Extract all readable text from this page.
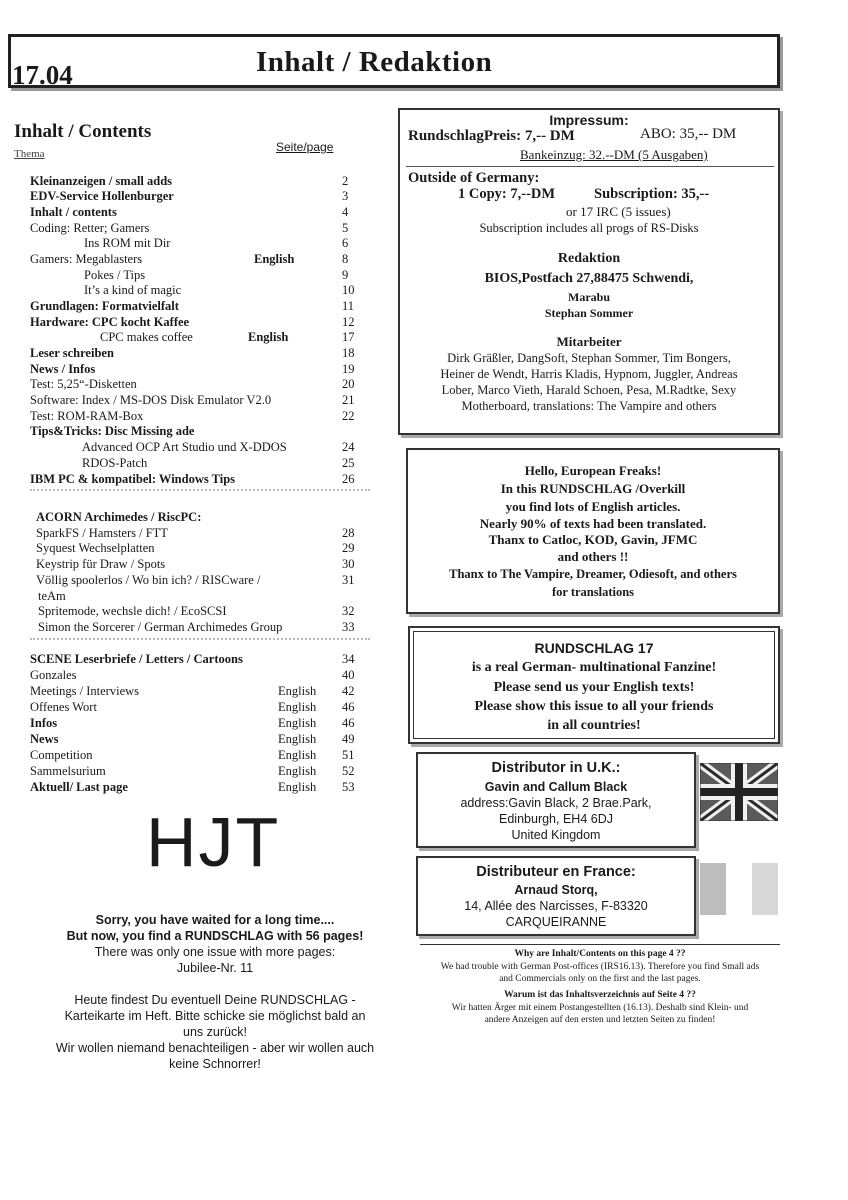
17.04	Inhalt / Redaktion
Inhalt / Contents
Thema	Seite/page
Kleinanzeigen / small adds	2
EDV-Service Hollenburger	3
Inhalt / contents	4
Coding: Retter; Gamers	5
Ins ROM mit Dir	6
Gamers: Megablasters	English	8
Pokes / Tips	9
It’s a kind of magic	10
Grundlagen: Formatvielfalt	11
Hardware: CPC kocht Kaffee	12
CPC makes coffee	English	17
Leser schreiben	18
News / Infos	19
Test: 5,25“-Disketten	20
Software: Index / MS-DOS Disk Emulator V2.0	21
Test: ROM-RAM-Box	22
Tips&Tricks: Disc Missing ade
Advanced OCP Art Studio und X-DDOS	24
RDOS-Patch	25
IBM PC & kompatibel: Windows Tips	26
ACORN Archimedes / RiscPC:
SparkFS / Hamsters / FTT	28
Syquest Wechselplatten	29
Keystrip für Draw / Spots	30
Völlig spoolerlos / Wo bin ich? / RISCware /	31
teAm
Spritemode, wechsle dich! / EcoSCSI	32
Simon the Sorcerer / German Archimedes Group	33
SCENE Leserbriefe / Letters / Cartoons	34
Gonzales	40
Meetings / Interviews	English 42
Offenes Wort	English 46
Infos	English 46
News	English 49
Competition	English 51
Sammelsurium	English 52
Aktuell/ Last page	English 53
HJT
Sorry, you have waited for a long time....
But now, you find a RUNDSCHLAG with 56 pages!
There was only one issue with more pages:
Jubilee-Nr. 11
Heute findest Du eventuell Deine RUNDSCHLAG -
Karteikarte im Heft. Bitte schicke sie möglichst bald an
uns zurück!
Wir wollen niemand benachteiligen - aber wir wollen auch
keine Schnorrer!
Impressum:
RundschlagPreis: 7,-- DM	ABO: 35,-- DM
Bankeinzug: 32.--DM (5 Ausgaben)
Outside of Germany:
1 Copy: 7,--DM	Subscription: 35,--
or 17 IRC (5 issues)
Subscription includes all progs of RS-Disks
Redaktion
BIOS,Postfach 27,88475 Schwendi,
Marabu
Stephan Sommer
Mitarbeiter
Dirk Gräßler, DangSoft, Stephan Sommer, Tim Bongers,
Heiner de Wendt, Harris Kladis, Hypnom, Juggler, Andreas
Lober, Marco Vieth, Harald Schoen, Pesa, M.Radtke, Sexy
Motherboard, translations: The Vampire and others
Hello, European Freaks!
In this RUNDSCHLAG /Overkill
you find lots of English articles.
Nearly 90% of texts had been translated.
Thanx to Catloc, KOD, Gavin, JFMC
and others !!
Thanx to The Vampire, Dreamer, Odiesoft, and others
for translations
RUNDSCHLAG 17
is a real German- multinational Fanzine!
Please send us your English texts!
Please show this issue to all your friends
in all countries!
Distributor in U.K.:
Gavin and Callum Black
address:Gavin Black, 2 Brae.Park,
Edinburgh, EH4 6DJ
United Kingdom
Distributeur en France:
Arnaud Storq,
14, Allée des Narcisses, F-83320
CARQUEIRANNE
Why are Inhalt/Contents on this page 4 ??
We had trouble with German Post-offices (IRS16.13). Therefore you find Small ads
and Commercials only on the first and the last pages.
Warum ist das Inhaltsverzeichnis auf Seite 4 ??
Wir hatten Ärger mit einem Postangestellten (16.13). Deshalb sind Klein- und
andere Anzeigen auf den ersten und letzten Seiten zu finden!
